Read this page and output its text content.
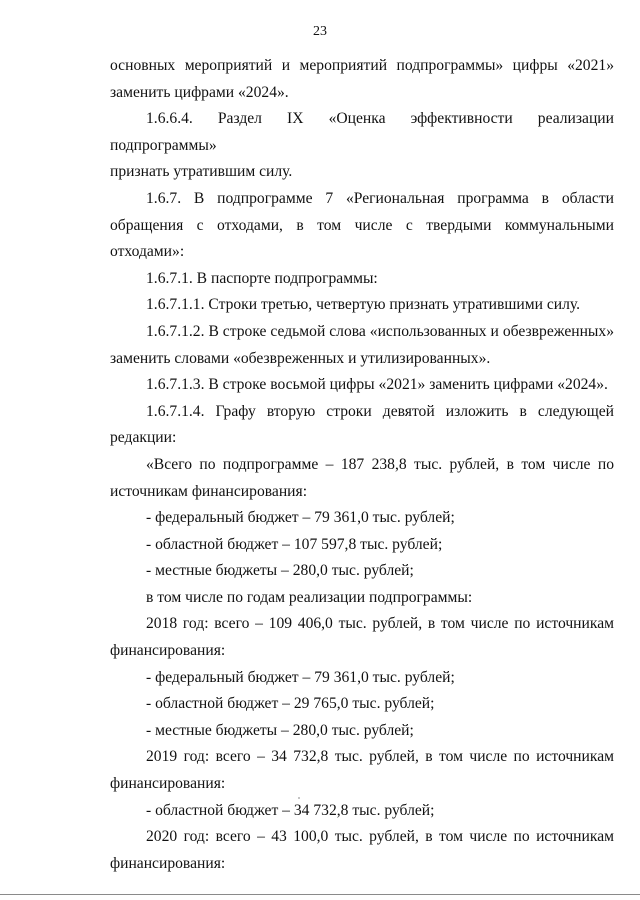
23

основных мероприятий и мероприятий подпрограммы» цифры «2021»

заменить цифрами «2024».

1.6.6.4. Раздел IX «Оценка эффективности реализации подпрограммы»

признать утратившим силу.

1.6.7. В подпрограмме 7 «Региональная программа в области

обращения с отходами, в том числе с твердыми коммунальными отходами»:

1.6.7.1. В паспорте подпрограммы:

1.6.7.1.1. Строки третью, четвертую признать утратившими силу.

1.6.7.1.2. В строке седьмой слова «использованных и обезвреженных»

заменить словами «обезвреженных и утилизированных».

1.6.7.1.3. В строке восьмой цифры «2021» заменить цифрами «2024».

1.6.7.1.4. Графу вторую строки девятой изложить в следующей

редакции:

«Всего по подпрограмме – 187 238,8 тыс. рублей, в том числе по

источникам финансирования:

- федеральный бюджет – 79 361,0 тыс. рублей;

- областной бюджет – 107 597,8 тыс. рублей;

- местные бюджеты – 280,0 тыс. рублей;

в том числе по годам реализации подпрограммы:

2018 год: всего – 109 406,0 тыс. рублей, в том числе по источникам

финансирования:

- федеральный бюджет – 79 361,0 тыс. рублей;

- областной бюджет – 29 765,0 тыс. рублей;

- местные бюджеты – 280,0 тыс. рублей;

2019 год: всего – 34 732,8 тыс. рублей, в том числе по источникам

финансирования:

- областной бюджет – 34 732,8 тыс. рублей;

2020 год: всего – 43 100,0 тыс. рублей, в том числе по источникам

финансирования:
